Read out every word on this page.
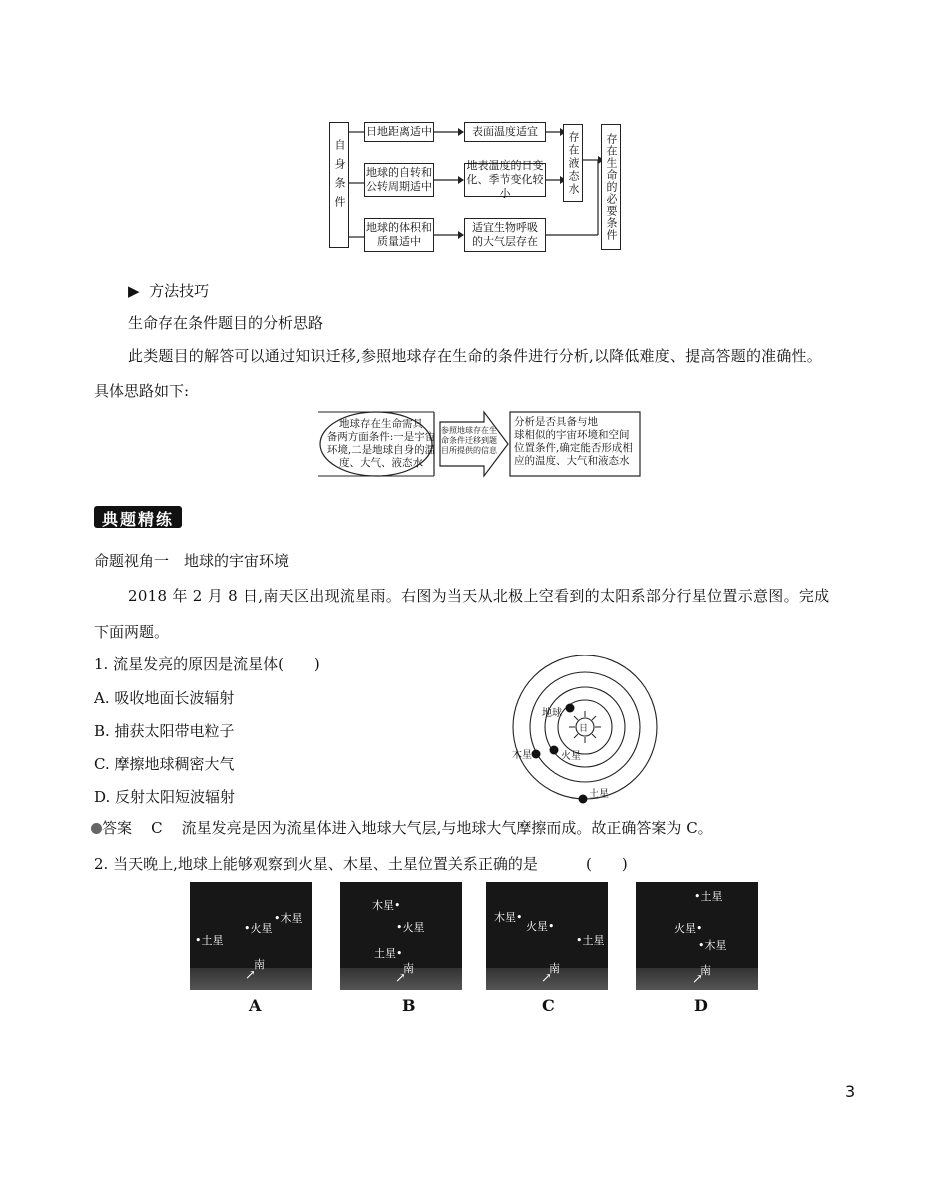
自身条件
日地距离适中
地球的自转和
公转周期适中
地球的体积和
质量适中
表面温度适宜
地表温度的日变
化、季节变化较小
适宜生物呼吸
的大气层存在
存在液态水 存在生命的必要条件
▶ 方法技巧
生命存在条件题目的分析思路
此类题目的解答可以通过知识迁移,参照地球存在生命的条件进行分析,以降低难度、提高答题的准确性。
具体思路如下:
地球存在生命需具
备两方面条件:一是宇宙
环境,二是地球自身的温
度、大气、液态水
参照地球存在生
命条件迁移到题
目所提供的信息
分析是否具备与地
球相似的宇宙环境和空间
位置条件,确定能否形成相
应的温度、大气和液态水
典题精练
命题视角一　地球的宇宙环境
2018 年 2 月 8 日,南天区出现流星雨。右图为当天从北极上空看到的太阳系部分行星位置示意图。完成
下面两题。
1. 流星发亮的原因是流星体(　　)
A. 吸收地面长波辐射
B. 捕获太阳带电粒子
C. 摩擦地球稠密大气
D. 反射太阳短波辐射
日
地球
火星
木星
土星
答案 C 流星发亮是因为流星体进入地球大气层,与地球大气摩擦而成。故正确答案为 C。
2. 当天晚上,地球上能够观察到火星、木星、土星位置关系正确的是	(　　)
•土星
•火星
•木星
南
↗
A
木星•
•火星
土星•
南
↗
B
木星•
火星•
•土星
南
↗
C
•土星
火星•
•木星
南
↗
D
3
